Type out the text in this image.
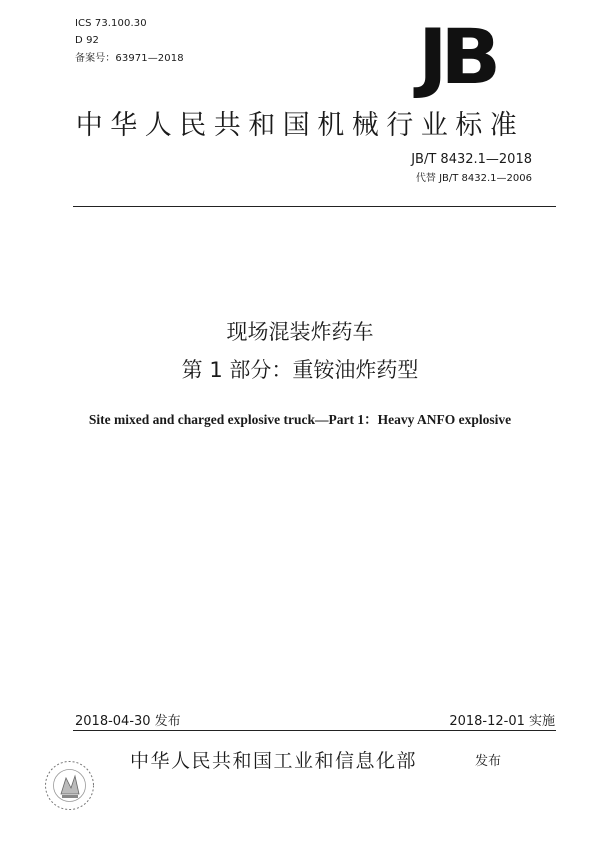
ICS 73.100.30
D 92
备案号：63971—2018	JB
中华人民共和国机械行业标准
JB/T 8432.1—2018
代替 JB/T 8432.1—2006
现场混装炸药车
第 1 部分：重铵油炸药型
Site mixed and charged explosive truck—Part 1：Heavy ANFO explosive
2018-04-30 发布	2018-12-01 实施
中华人民共和国工业和信息化部	发布
